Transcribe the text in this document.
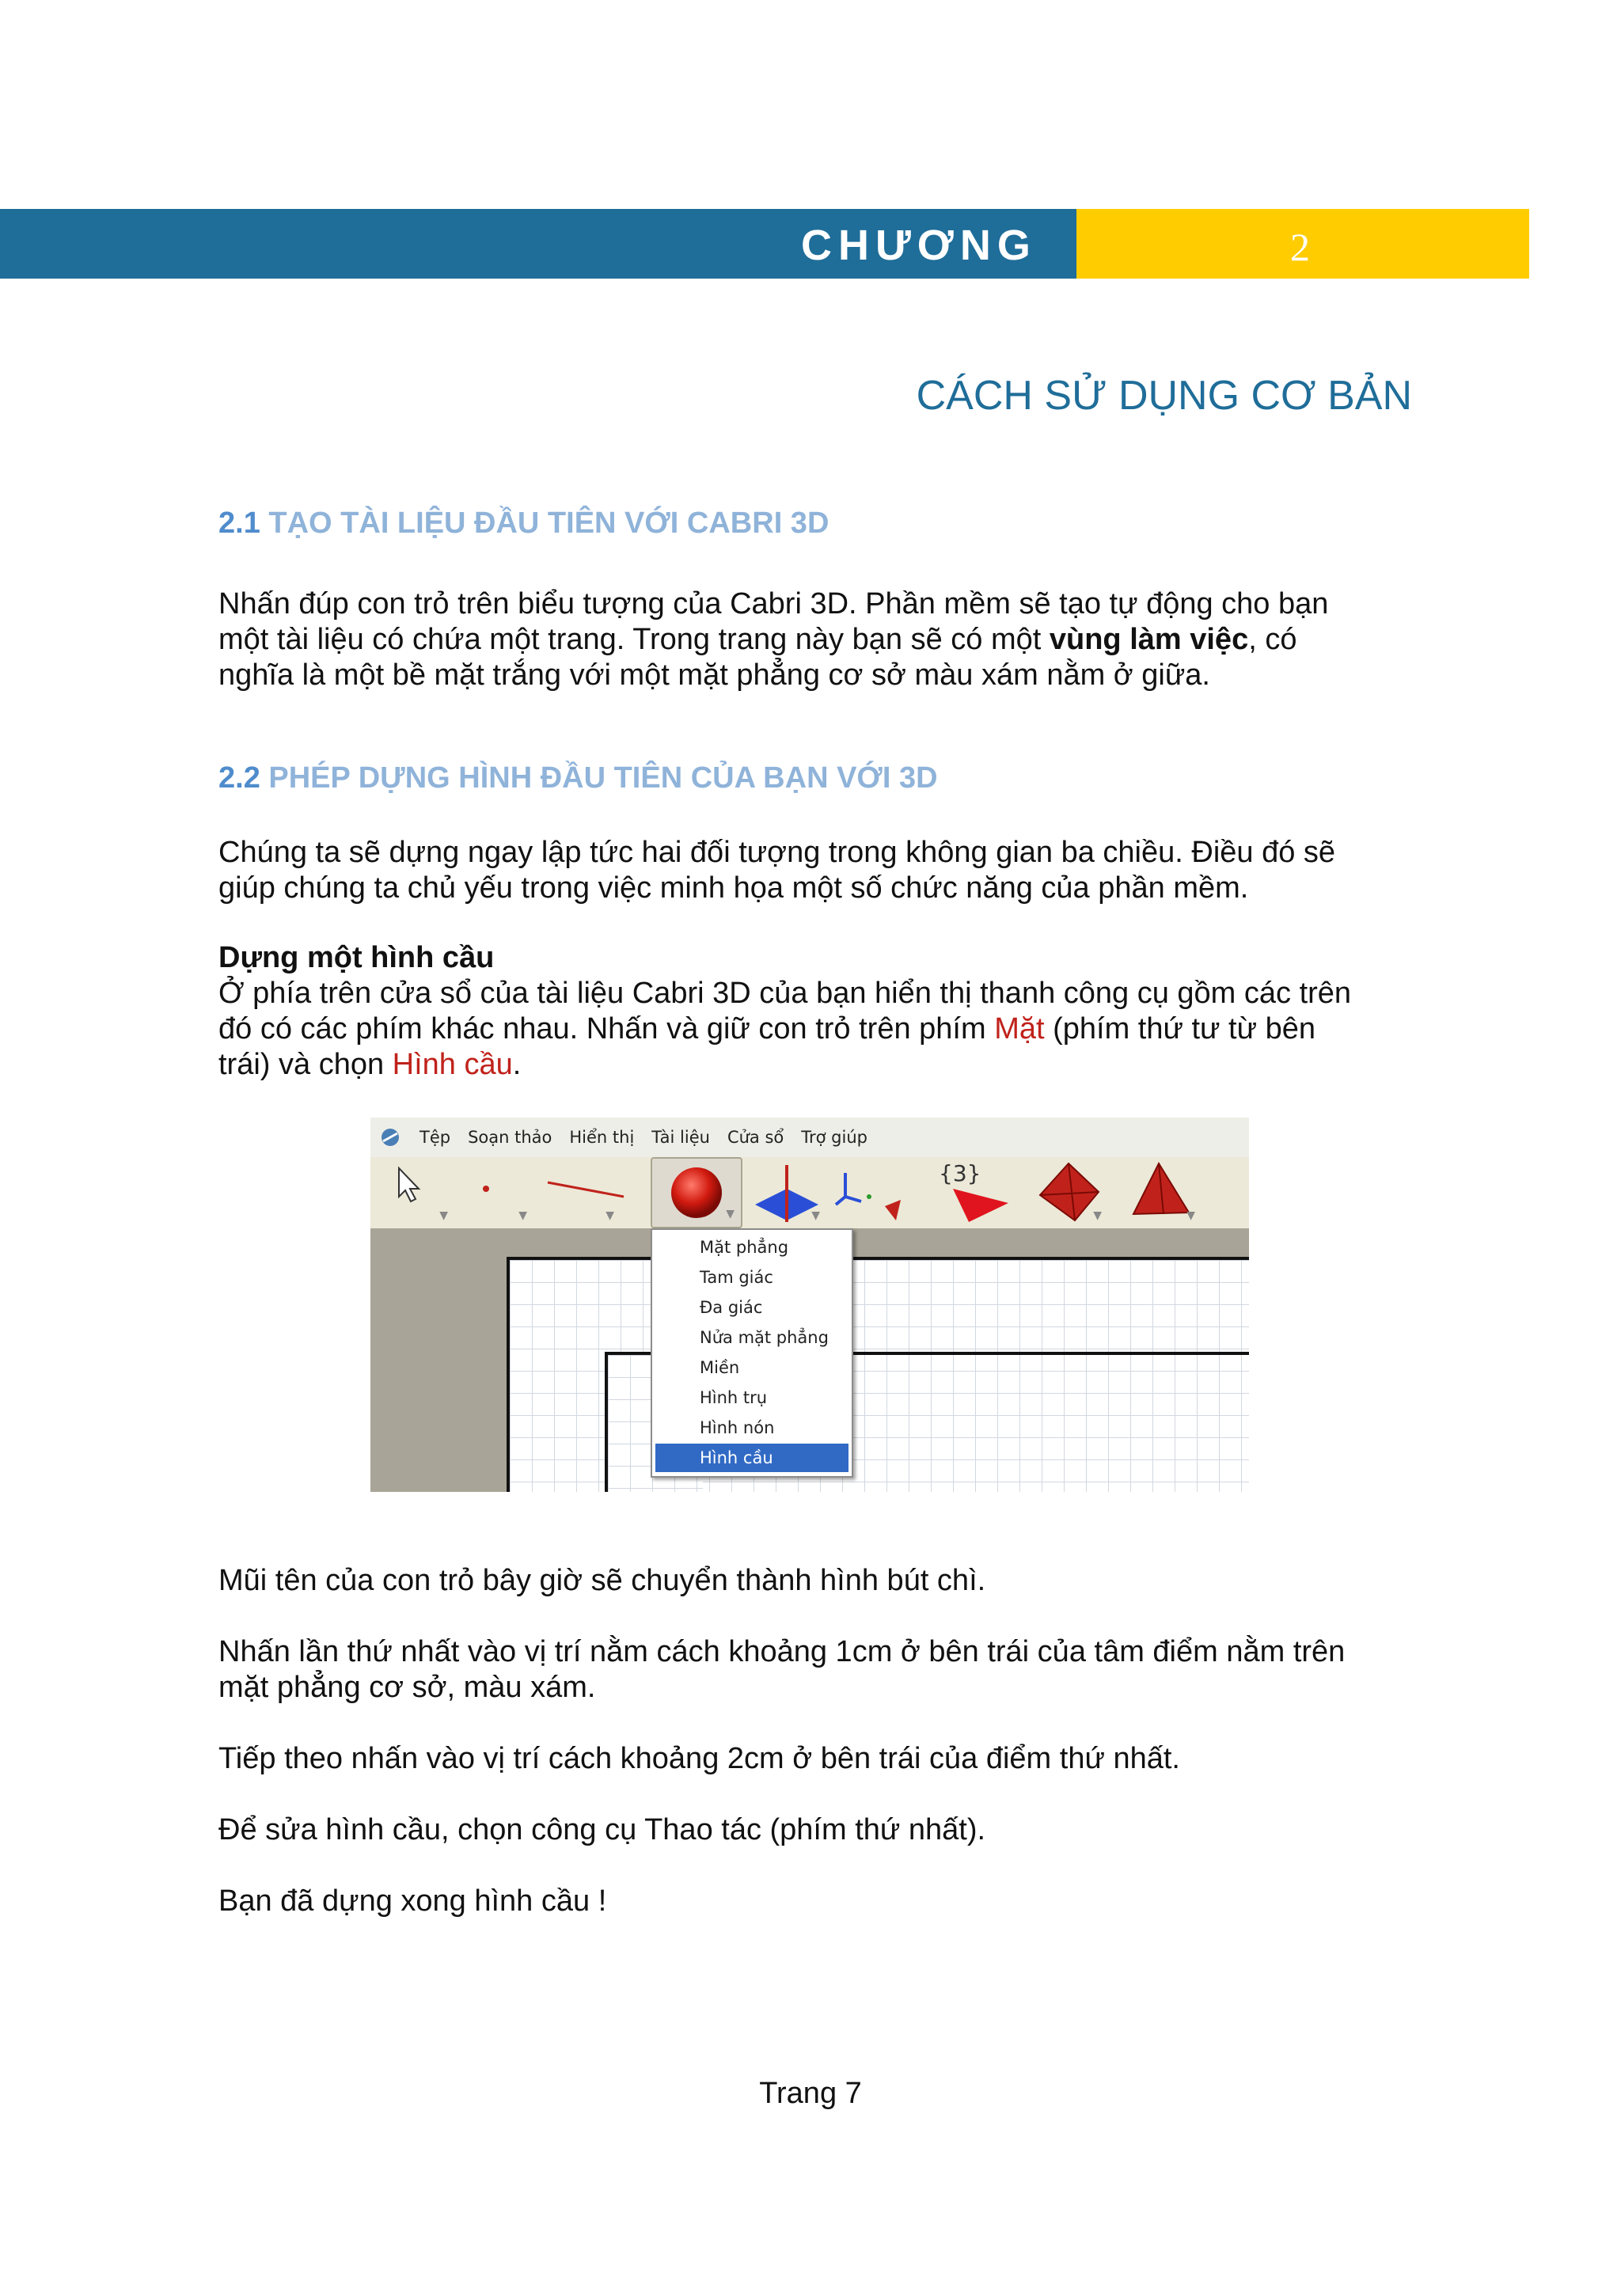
CHƯƠNG	2
CÁCH SỬ DỤNG CƠ BẢN
2.1 TẠO TÀI LIỆU ĐẦU TIÊN VỚI CABRI 3D
Nhấn đúp con trỏ trên biểu tượng của Cabri 3D. Phần mềm sẽ tạo tự động cho bạn
một tài liệu có chứa một trang. Trong trang này bạn sẽ có một vùng làm việc, có
nghĩa là một bề mặt trắng với một mặt phẳng cơ sở màu xám nằm ở giữa.
2.2 PHÉP DỰNG HÌNH ĐẦU TIÊN CỦA BẠN VỚI 3D
Chúng ta sẽ dựng ngay lập tức hai đối tượng trong không gian ba chiều. Điều đó sẽ
giúp chúng ta chủ yếu trong việc minh họa một số chức năng của phần mềm.
Dựng một hình cầu
Ở phía trên cửa sổ của tài liệu Cabri 3D của bạn hiển thị thanh công cụ gồm các trên
đó có các phím khác nhau. Nhấn và giữ con trỏ trên phím Mặt (phím thứ tư từ bên
trái) và chọn Hình cầu.
Tệp Soạn thảo Hiển thị Tài liệu Cửa sổ Trợ giúp
▼	▼	▼	▼	▼
{3}
▼	▼
Mặt phẳng
Tam giác
Đa giác
Nửa mặt phẳng
Miền
Hình trụ
Hình nón
Hình cầu
Mũi tên của con trỏ bây giờ sẽ chuyển thành hình bút chì.
Nhấn lần thứ nhất vào vị trí nằm cách khoảng 1cm ở bên trái của tâm điểm nằm trên
mặt phẳng cơ sở, màu xám.
Tiếp theo nhấn vào vị trí cách khoảng 2cm ở bên trái của điểm thứ nhất.
Để sửa hình cầu, chọn công cụ Thao tác (phím thứ nhất).
Bạn đã dựng xong hình cầu !
Trang 7
